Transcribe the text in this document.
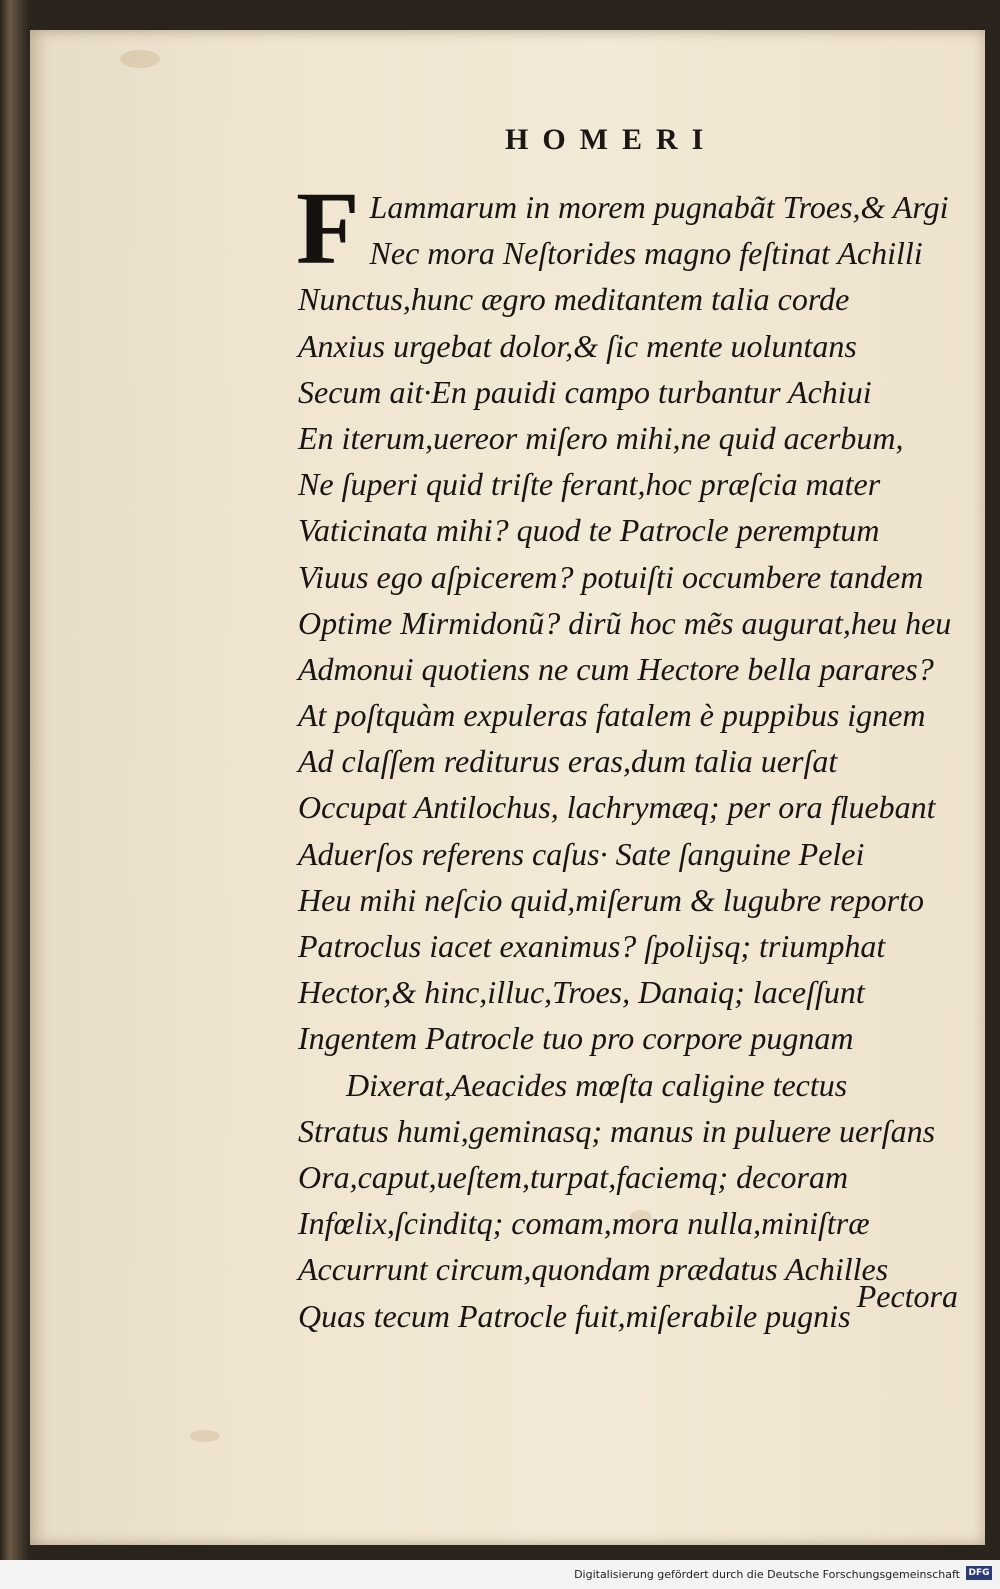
HOMERI
F Lammarum in morem pugnabãt Troes,& Argi
Nec mora Neſtorides magno feſtinat Achilli
Nunctus,hunc ægro meditantem talia corde
Anxius urgebat dolor,& ſic mente uoluntans
Secum ait·En pauidi campo turbantur Achiui
En iterum,uereor miſero mihi,ne quid acerbum,
Ne ſuperi quid triſte ferant,hoc præſcia mater
Vaticinata mihi? quod te Patrocle peremptum
Viuus ego aſpicerem? potuiſti occumbere tandem
Optime Mirmidonũ? dirũ hoc mẽs augurat,heu heu
Admonui quotiens ne cum Hectore bella parares?
At poſtquàm expuleras fatalem è puppibus ignem
Ad claſſem rediturus eras,dum talia uerſat
Occupat Antilochus, lachrymæq; per ora fluebant
Aduerſos referens caſus· Sate ſanguine Pelei
Heu mihi neſcio quid,miſerum & lugubre reporto
Patroclus iacet exanimus? ſpolijsq; triumphat
Hector,& hinc,illuc,Troes, Danaiq; laceſſunt
Ingentem Patrocle tuo pro corpore pugnam
Dixerat,Aeacides mœſta caligine tectus
Stratus humi,geminasq; manus in puluere uerſans
Ora,caput,ueſtem,turpat,faciemq; decoram
Infœlix,ſcinditq; comam,mora nulla,miniſtræ
Accurrunt circum,quondam prædatus Achilles
Quas tecum Patrocle fuit,miſerabile pugnis
Pectora
Digitalisierung gefördert durch die Deutsche Forschungsgemeinschaft DFG
